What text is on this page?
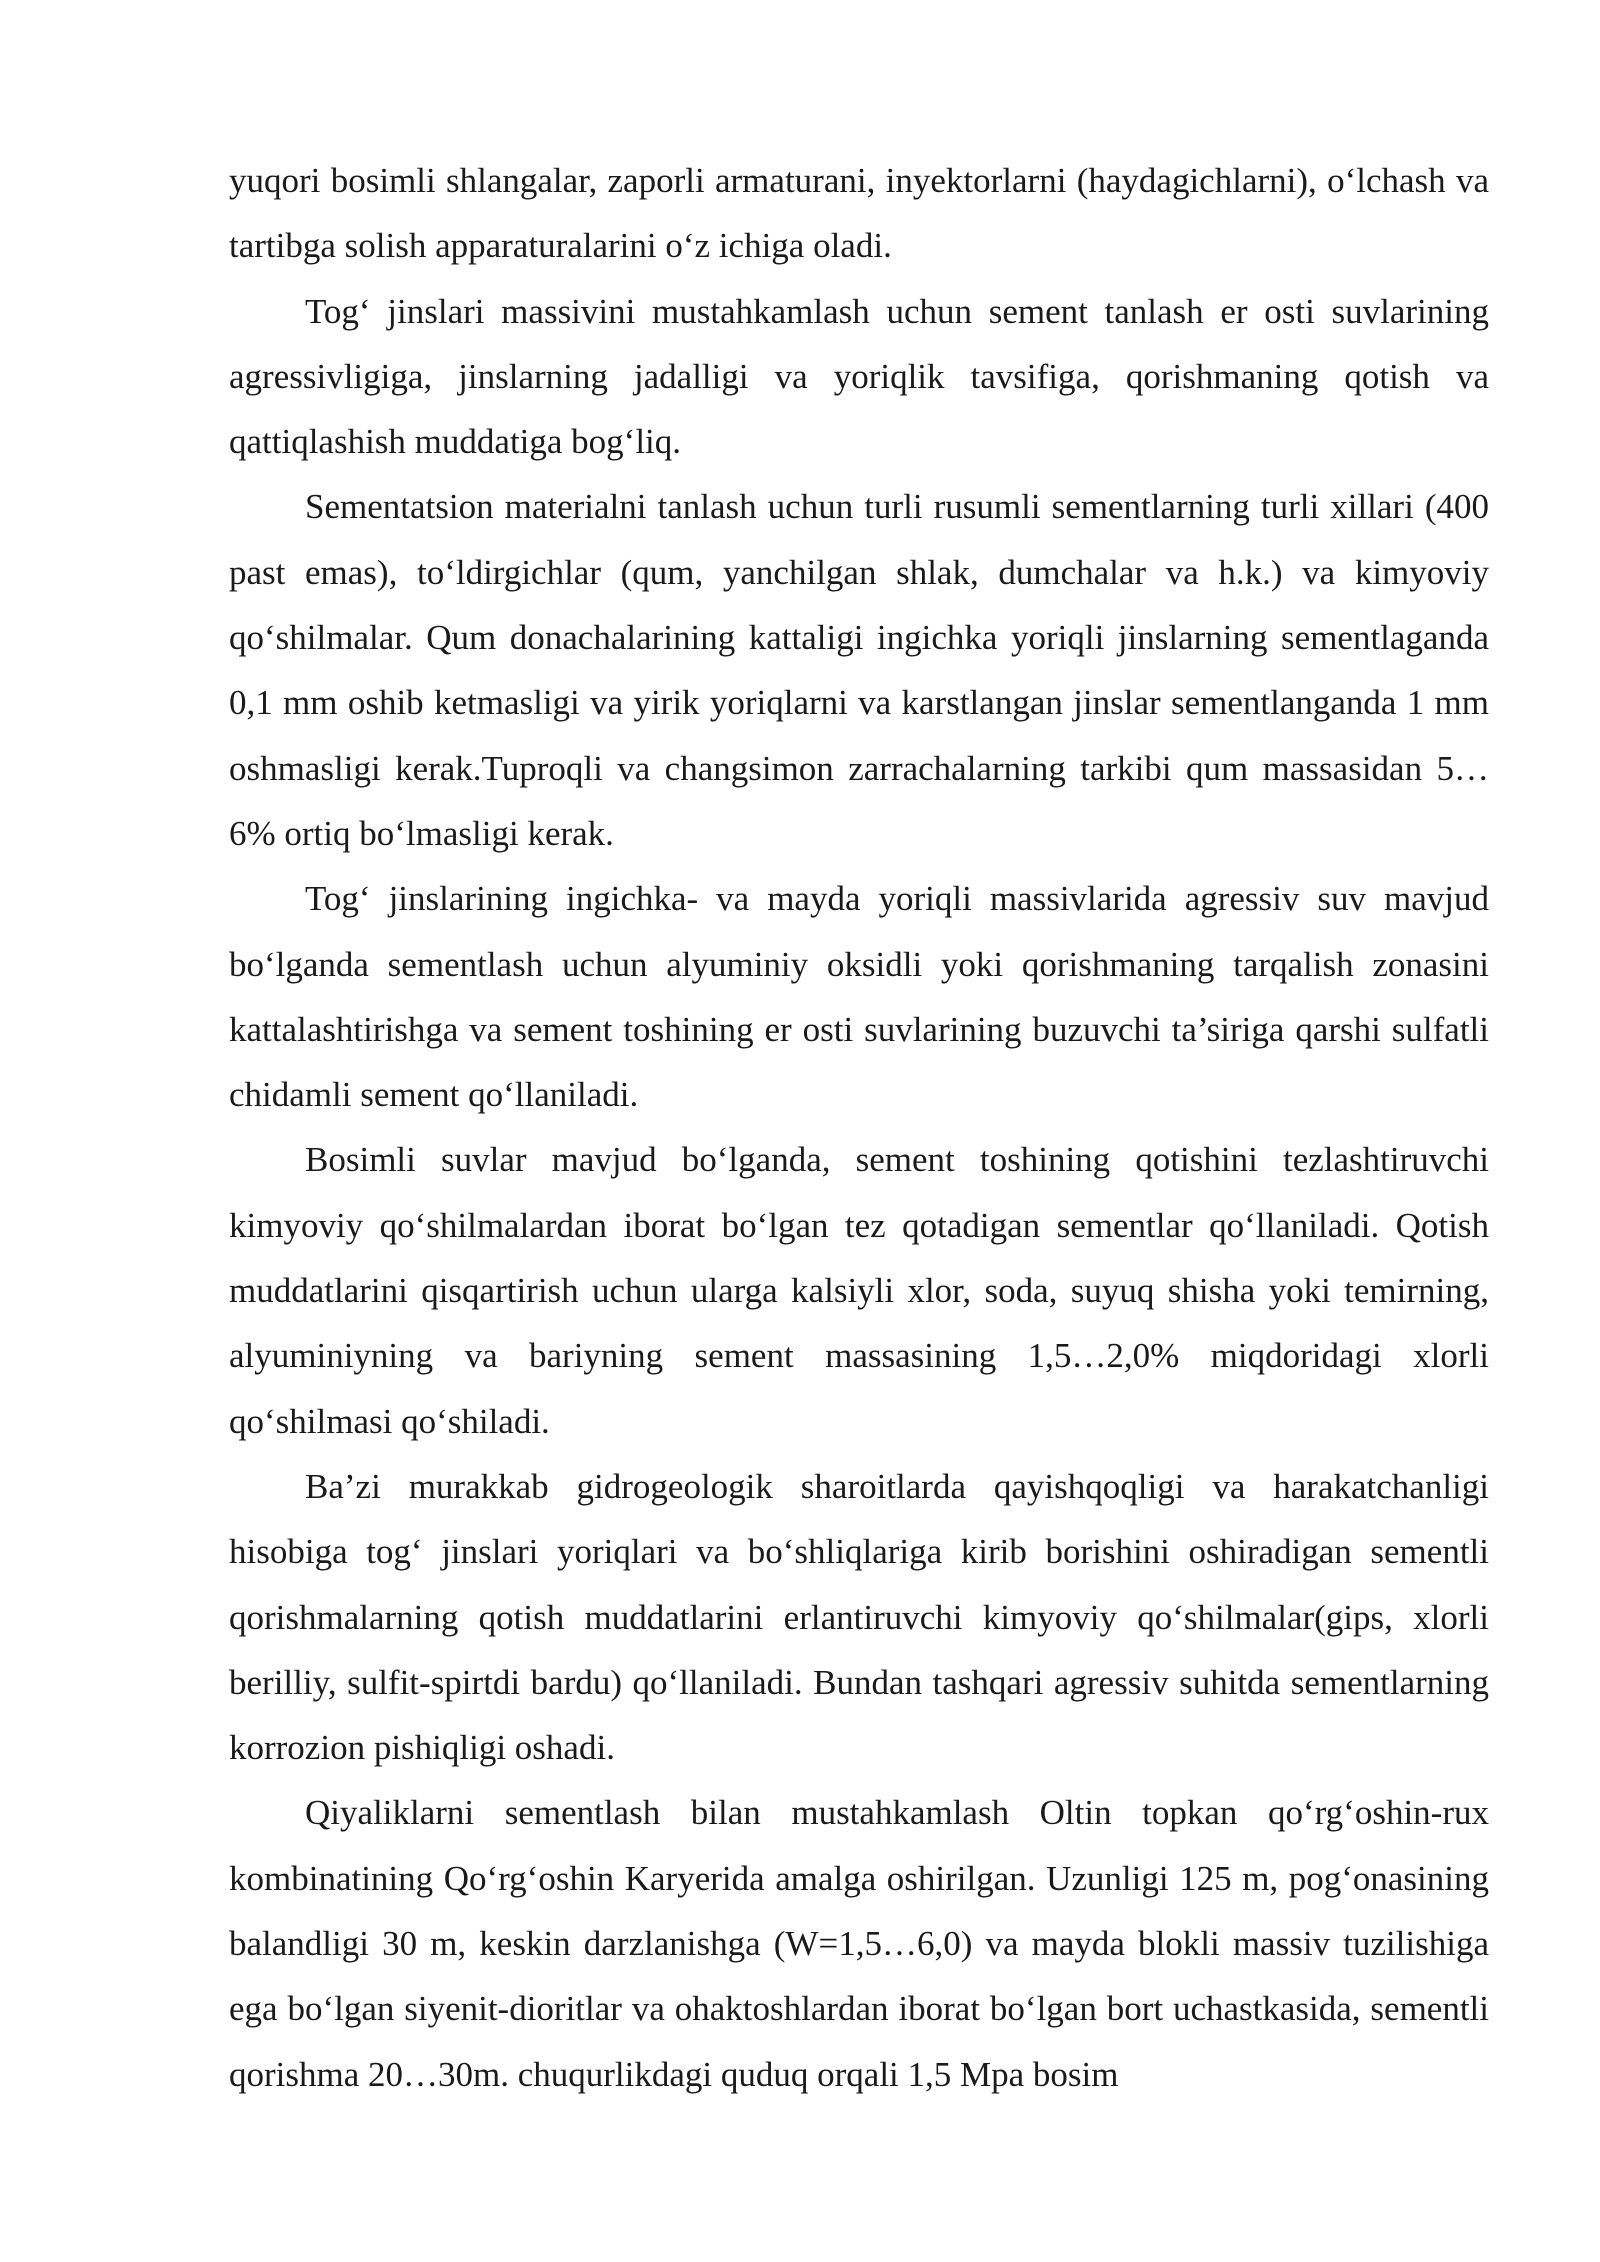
yuqori bosimli shlangalar, zaporli armaturani, inyektorlarni (haydagichlarni), o‘lchash va tartibga solish apparaturalarini o‘z ichiga oladi.

Tog‘ jinslari massivini mustahkamlash uchun sement tanlash er osti suvlarining agressivligiga, jinslarning jadalligi va yoriqlik tavsifiga, qorishmaning qotish va qattiqlashish muddatiga bog‘liq.

Sementatsion materialni tanlash uchun turli rusumli sementlarning turli xillari (400 past emas), to‘ldirgichlar (qum, yanchilgan shlak, dumchalar va h.k.) va kimyoviy qo‘shilmalar. Qum donachalarining kattaligi ingichka yoriqli jinslarning sementlaganda 0,1 mm oshib ketmasligi va yirik yoriqlarni va karstlangan jinslar sementlanganda 1 mm oshmasligi kerak.Tuproqli va changsimon zarrachalarning tarkibi qum massasidan 5…6% ortiq bo‘lmasligi kerak.

Tog‘ jinslarining ingichka- va mayda yoriqli massivlarida agressiv suv mavjud bo‘lganda sementlash uchun alyuminiy oksidli yoki qorishmaning tarqalish zonasini kattalashtirishga va sement toshining er osti suvlarining buzuvchi ta’siriga qarshi sulfatli chidamli sement qo‘llaniladi.

Bosimli suvlar mavjud bo‘lganda, sement toshining qotishini tezlashtiruvchi kimyoviy qo‘shilmalardan iborat bo‘lgan tez qotadigan sementlar qo‘llaniladi. Qotish muddatlarini qisqartirish uchun ularga kalsiyli xlor, soda, suyuq shisha yoki temirning, alyuminiyning va bariyning sement massasining 1,5…2,0% miqdoridagi xlorli qo‘shilmasi qo‘shiladi.

Ba’zi murakkab gidrogeologik sharoitlarda qayishqoqligi va harakatchanligi hisobiga tog‘ jinslari yoriqlari va bo‘shliqlariga kirib borishini oshiradigan sementli qorishmalarning qotish muddatlarini erlantiruvchi kimyoviy qo‘shilmalar(gips, xlorli berilliy, sulfit-spirtdi bardu) qo‘llaniladi. Bundan tashqari agressiv suhitda sementlarning korrozion pishiqligi oshadi.

Qiyaliklarni sementlash bilan mustahkamlash Oltin topkan qo‘rg‘oshin-rux kombinatining Qo‘rg‘oshin Karyerida amalga oshirilgan. Uzunligi 125 m, pog‘onasining balandligi 30 m, keskin darzlanishga (W=1,5…6,0) va mayda blokli massiv tuzilishiga ega bo‘lgan siyenit-dioritlar va ohaktoshlardan iborat bo‘lgan bort uchastkasida, sementli qorishma 20…30m. chuqurlikdagi quduq orqali 1,5 Mpa bosim
